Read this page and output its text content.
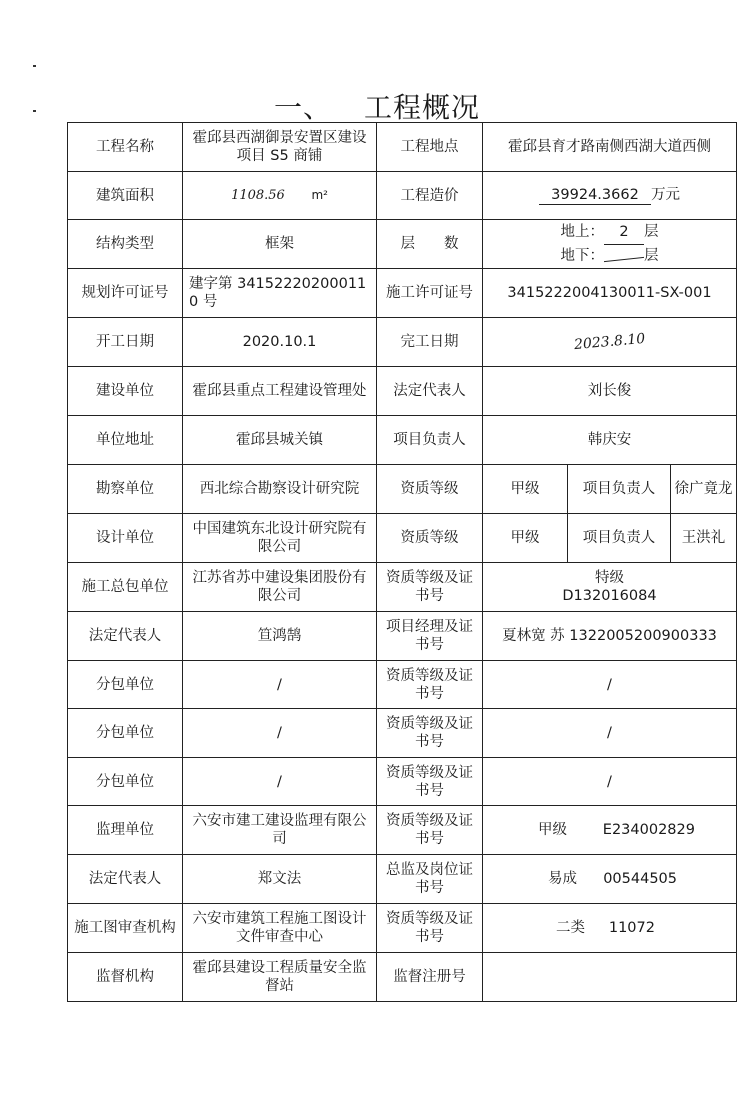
一、 工程概况
工程名称	霍邱县西湖御景安置区建设项目 S5 商铺	工程地点	霍邱县育才路南侧西湖大道西侧		
建筑面积	1108.56 m²	工程造价	39924.3662 万元		
结构类型	框架	层　　数	地上： 2 层
地下： 层		

规划许可证号	建字第 341522202000110 号	施工许可证号	341522200413001​1-SX-001		
开工日期	2020.10.1	完工日期	2023.8.10		
建设单位	霍邱县重点工程建设管理处	法定代表人	刘长俊		
单位地址	霍邱县城关镇	项目负责人	韩庆安		
勘察单位	西北综合勘察设计研究院	资质等级	甲级	项目负责人	徐广竟龙
设计单位	中国建筑东北设计研究院有限公司	资质等级	甲级	项目负责人	王洪礼
施工总包单位	江苏省苏中建设集团股份有限公司	资质等级及证书号	特级
D132016084		

法定代表人	笪鸿鹄	项目经理及证书号	夏林宽 苏 1322005200900333		
分包单位	/	资质等级及证书号	/		
分包单位	/	资质等级及证书号	/		
分包单位	/	资质等级及证书号	/		
监理单位	六安市建工建设监理有限公司	资质等级及证书号	甲级 E234002829		

法定代表人	郑文法	总监及岗位证书号	易成 00544505		

施工图审查机构	六安市建筑工程施工图设计文件审查中心	资质等级及证书号	二类 11072		

监督机构	霍邱县建设工程质量安全监督站	监督注册号			
